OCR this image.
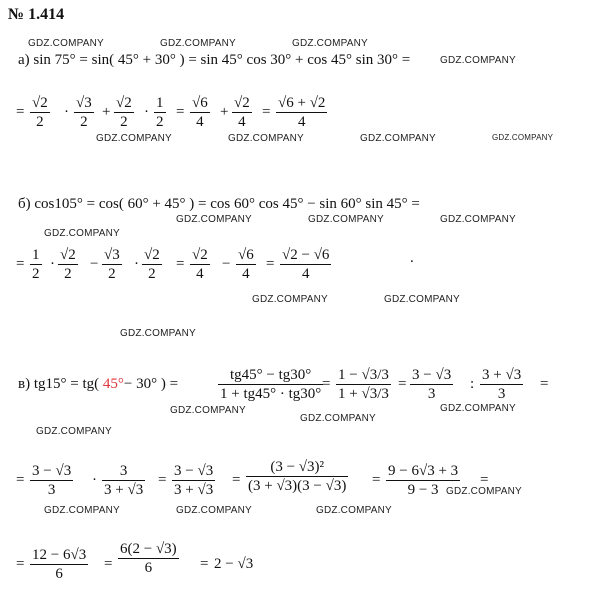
№ 1.414
GDZ.COMPANY	GDZ.COMPANY	GDZ.COMPANY
GDZ.COMPANY
GDZ.COMPANY	GDZ.COMPANY	GDZ.COMPANY	GDZ.COMPANY
GDZ.COMPANY	GDZ.COMPANY	GDZ.COMPANY
GDZ.COMPANY
GDZ.COMPANY	GDZ.COMPANY
GDZ.COMPANY
GDZ.COMPANY
GDZ.COMPANY
GDZ.COMPANY
GDZ.COMPANY
GDZ.COMPANY
GDZ.COMPANY	GDZ.COMPANY	GDZ.COMPANY
a) sin 75° = sin( 45° + 30° ) = sin 45° cos 30° + cos 45° sin 30° =
= $\frac{√2}{2} \cdot \frac{√3}{2} + \frac{√2}{2} \cdot \frac{1}{2} = \frac{√6}{4} + \frac{√2}{4} = \frac{√6 + √2}{4}$
б) cos105° = cos( 60° + 45° ) = cos 60° cos 45° − sin 60° sin 45° =
= $\frac{1}{2} \cdot \frac{√2}{2} - \frac{√3}{2} \cdot \frac{√2}{2} = \frac{√2}{4} - \frac{√6}{4} = \frac{√2 - √6}{4}$	.
в) tg15° = tg( 45°− 30° ) =	$\frac{tg45^\circ - tg30^\circ}{1 + tg45^\circ \cdot tg30^\circ}$
= $\frac{1 - √3/3}{1 + √3/3} = \frac{3 - √3}{3}$ : $\frac{3 + √3}{3}$ =
= $\frac{3 - √3}{3} \cdot \frac{3}{3 + √3} = \frac{3 - √3}{3 + √3} = \frac{\text{(3 − √3)²}}{(3 + √3)(3 - √3)} = \frac{9 - 6√3 + 3}{9 - 3}$ =
= $\frac{12 - 6√3}{6} = \frac{6(2 - √3)}{6} = 2 - √3$
